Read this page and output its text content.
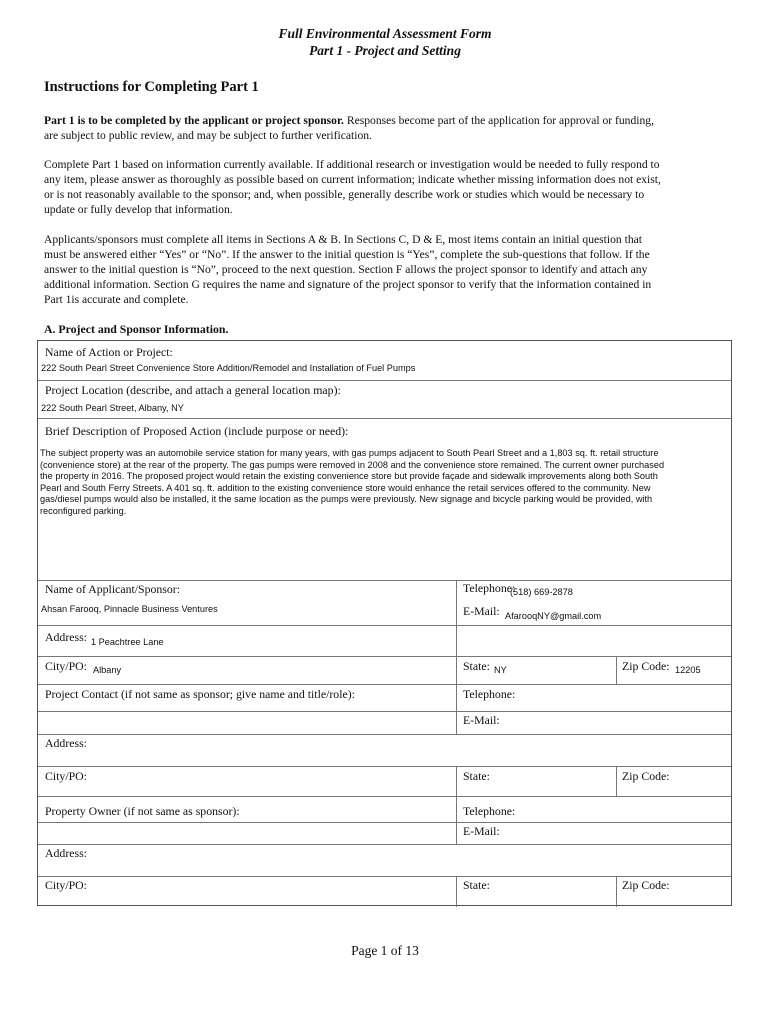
Full Environmental Assessment Form
Part 1 - Project and Setting
Instructions for Completing Part 1

Part 1 is to be completed by the applicant or project sponsor. Responses become part of the application for approval or funding,
are subject to public review, and may be subject to further verification.

Complete Part 1 based on information currently available. If additional research or investigation would be needed to fully respond to
any item, please answer as thoroughly as possible based on current information; indicate whether missing information does not exist,
or is not reasonably available to the sponsor; and, when possible, generally describe work or studies which would be necessary to
update or fully develop that information.

Applicants/sponsors must complete all items in Sections A & B. In Sections C, D & E, most items contain an initial question that
must be answered either “Yes” or “No”. If the answer to the initial question is “Yes”, complete the sub-questions that follow. If the
answer to the initial question is “No”, proceed to the next question. Section F allows the project sponsor to identify and attach any
additional information. Section G requires the name and signature of the project sponsor to verify that the information contained in
Part 1is accurate and complete.

A. Project and Sponsor Information.
Name of Action or Project:
222 South Pearl Street Convenience Store Addition/Remodel and Installation of Fuel Pumps
Project Location (describe, and attach a general location map):
222 South Pearl Street, Albany, NY
Brief Description of Proposed Action (include purpose or need):
The subject property was an automobile service station for many years, with gas pumps adjacent to South Pearl Street and a 1,803 sq. ft. retail structure
(convenience store) at the rear of the property. The gas pumps were removed in 2008 and the convenience store remained. The current owner purchased
the property in 2016. The proposed project would retain the existing convenience store but provide façade and sidewalk improvements along both South
Pearl and South Ferry Streets. A 401 sq. ft. addition to the existing convenience store would enhance the retail services offered to the community. New
gas/diesel pumps would also be installed, it the same location as the pumps were previously. New signage and bicycle parking would be provided, with
reconfigured parking.
Name of Applicant/Sponsor:
Ahsan Farooq, Pinnacle Business Ventures
Telephone:
(518) 669-2878
E-Mail: AfarooqNY@gmail.com
Address: 1 Peachtree Lane
City/PO: Albany	State: NY	Zip Code: 12205
Project Contact (if not same as sponsor; give name and title/role):	Telephone:
E-Mail:
Address:
City/PO:	State:	Zip Code:
Property Owner (if not same as sponsor):	Telephone:
E-Mail:
Address:
City/PO:	State:	Zip Code:
Page 1 of 13
